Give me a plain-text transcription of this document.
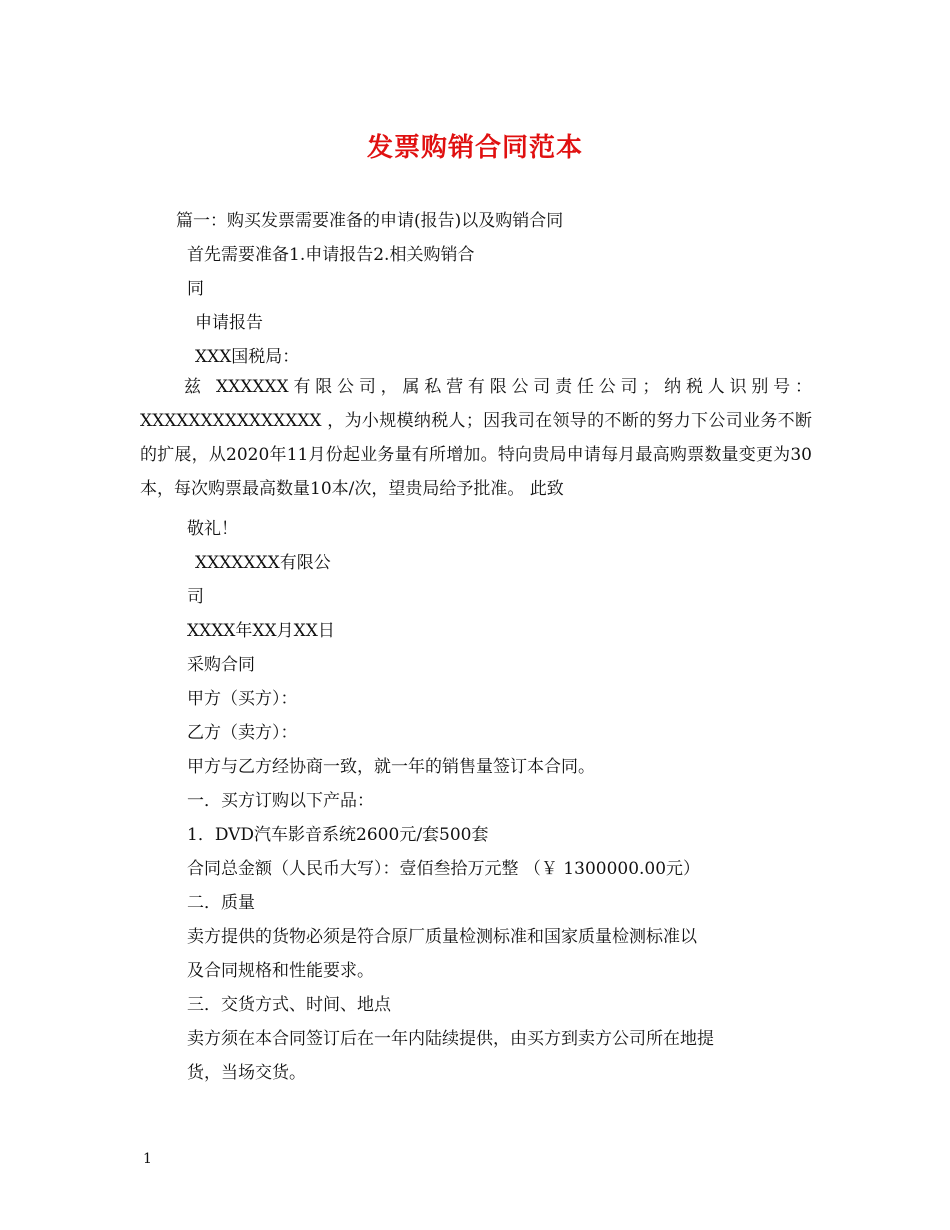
发票购销合同范本
篇一：购买发票需要准备的申请(报告)以及购销合同
首先需要准备1.申请报告2.相关购销合
同
申请报告
XXX国税局：
兹 XXXXXX有限公司，属私营有限公司责任公司；纳税人识别号：XXXXXXXXXXXXXXX ，为小规模纳税人；因我司在领导的不断的努力下公司业务不断的扩展，从2020年11月份起业务量有所增加。特向贵局申请每月最高购票数量变更为30本，每次购票最高数量10本/次，望贵局给予批准。 此致
敬礼！
XXXXXXX有限公
司
XXXX年XX月XX日
采购合同
甲方（买方）：
乙方（卖方）：
甲方与乙方经协商一致，就一年的销售量签订本合同。
一．买方订购以下产品：
1．DVD汽车影音系统2600元/套500套
合同总金额（人民币大写）：壹佰叁拾万元整 （￥ 1300000.00元）
二．质量
卖方提供的货物必须是符合原厂质量检测标准和国家质量检测标准以
及合同规格和性能要求。
三．交货方式、时间、地点
卖方须在本合同签订后在一年内陆续提供，由买方到卖方公司所在地提
货，当场交货。
1
